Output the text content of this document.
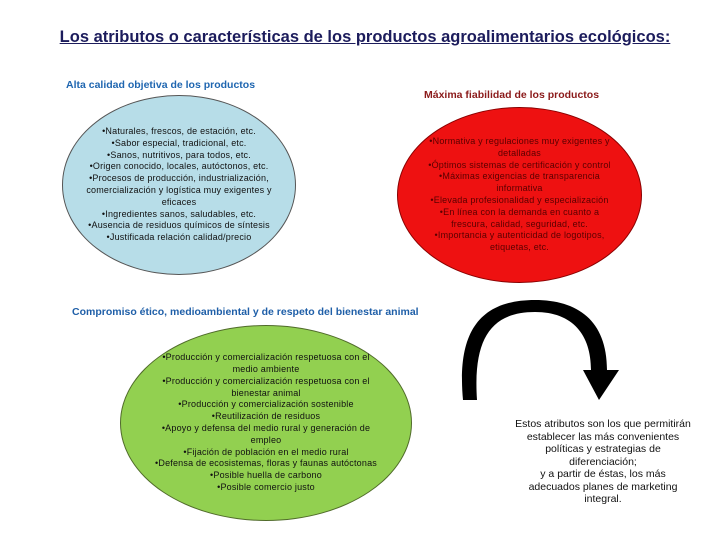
Los atributos o características de los productos agroalimentarios ecológicos:
Alta calidad objetiva de los productos
•Naturales, frescos, de estación, etc.
•Sabor especial, tradicional, etc.
•Sanos, nutritivos, para todos, etc.
•Origen conocido, locales, autóctonos, etc.
•Procesos de producción, industrialización,
comercialización y logística muy exigentes y
eficaces
•Ingredientes sanos, saludables, etc.
•Ausencia de residuos químicos de síntesis
•Justificada relación calidad/precio
Máxima fiabilidad de los productos
•Normativa y regulaciones muy exigentes y
detalladas
•Óptimos sistemas de certificación y control
•Máximas exigencias de transparencia
informativa
•Elevada profesionalidad y especialización
•En línea con la demanda en cuanto a
frescura, calidad, seguridad, etc.
•Importancia y autenticidad de logotipos,
etiquetas, etc.
Compromiso ético, medioambiental y de respeto del bienestar animal
•Producción y comercialización respetuosa con el
medio ambiente
•Producción y comercialización respetuosa con el
bienestar animal
•Producción y comercialización sostenible
•Reutilización de residuos
•Apoyo y defensa del medio rural y generación de
empleo
•Fijación de población en el medio rural
•Defensa de ecosistemas, floras y faunas autóctonas
•Posible huella de carbono
•Posible comercio justo
Estos atributos son los que permitirán
establecer las más convenientes
políticas y estrategias de
diferenciación;
y a partir de éstas, los más
adecuados planes de marketing
integral.
